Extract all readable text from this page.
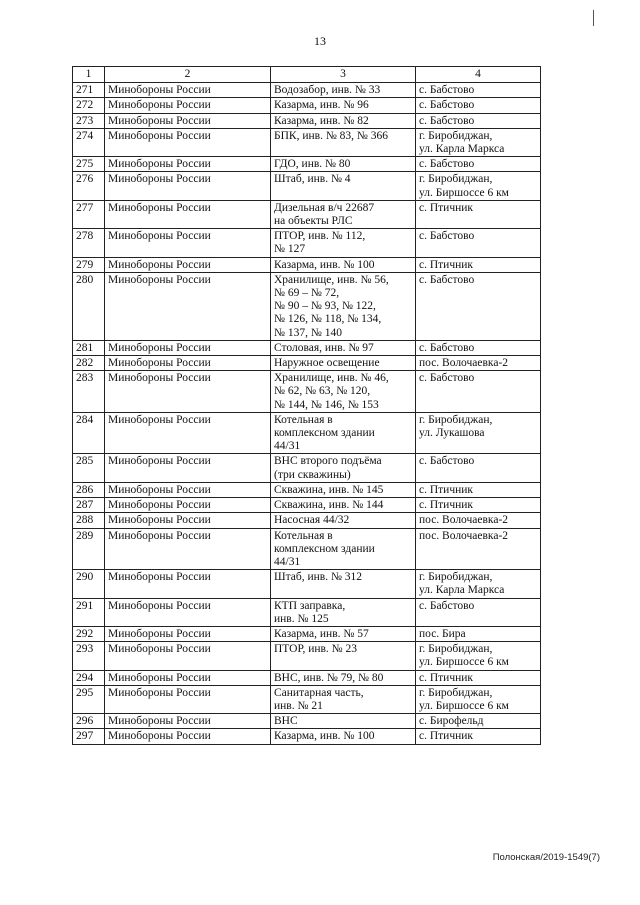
13
1	2	3	4
271	Минобороны России	Водозабор, инв. № 33	с. Бабстово
272	Минобороны России	Казарма, инв. № 96	с. Бабстово
273	Минобороны России	Казарма, инв. № 82	с. Бабстово
274	Минобороны России	БПК, инв. № 83, № 366	г. Биробиджан,
ул. Карла Маркса
275	Минобороны России	ГДО, инв. № 80	с. Бабстово
276	Минобороны России	Штаб, инв. № 4	г. Биробиджан,
ул. Биршоссе 6 км
277	Минобороны России	Дизельная в/ч 22687
на объекты РЛС	с. Птичник
278	Минобороны России	ПТОР, инв. № 112,
№ 127	с. Бабстово
279	Минобороны России	Казарма, инв. № 100	с. Птичник
280	Минобороны России	Хранилище, инв. № 56,
№ 69 – № 72,
№ 90 – № 93, № 122,
№ 126, № 118, № 134,
№ 137, № 140	с. Бабстово
281	Минобороны России	Столовая, инв. № 97	с. Бабстово
282	Минобороны России	Наружное освещение	пос. Волочаевка-2
283	Минобороны России	Хранилище, инв. № 46,
№ 62, № 63, № 120,
№ 144, № 146, № 153	с. Бабстово
284	Минобороны России	Котельная в
комплексном здании
44/31	г. Биробиджан,
ул. Лукашова
285	Минобороны России	ВНС второго подъёма
(три скважины)	с. Бабстово
286	Минобороны России	Скважина, инв. № 145	с. Птичник
287	Минобороны России	Скважина, инв. № 144	с. Птичник
288	Минобороны России	Насосная 44/32	пос. Волочаевка-2
289	Минобороны России	Котельная в
комплексном здании
44/31	пос. Волочаевка-2
290	Минобороны России	Штаб, инв. № 312	г. Биробиджан,
ул. Карла Маркса
291	Минобороны России	КТП заправка,
инв. № 125	с. Бабстово
292	Минобороны России	Казарма, инв. № 57	пос. Бира
293	Минобороны России	ПТОР, инв. № 23	г. Биробиджан,
ул. Биршоссе 6 км
294	Минобороны России	ВНС, инв. № 79, № 80	с. Птичник
295	Минобороны России	Санитарная часть,
инв. № 21	г. Биробиджан,
ул. Биршоссе 6 км
296	Минобороны России	ВНС	с. Бирофельд
297	Минобороны России	Казарма, инв. № 100	с. Птичник
Полонская/2019-1549(7)
